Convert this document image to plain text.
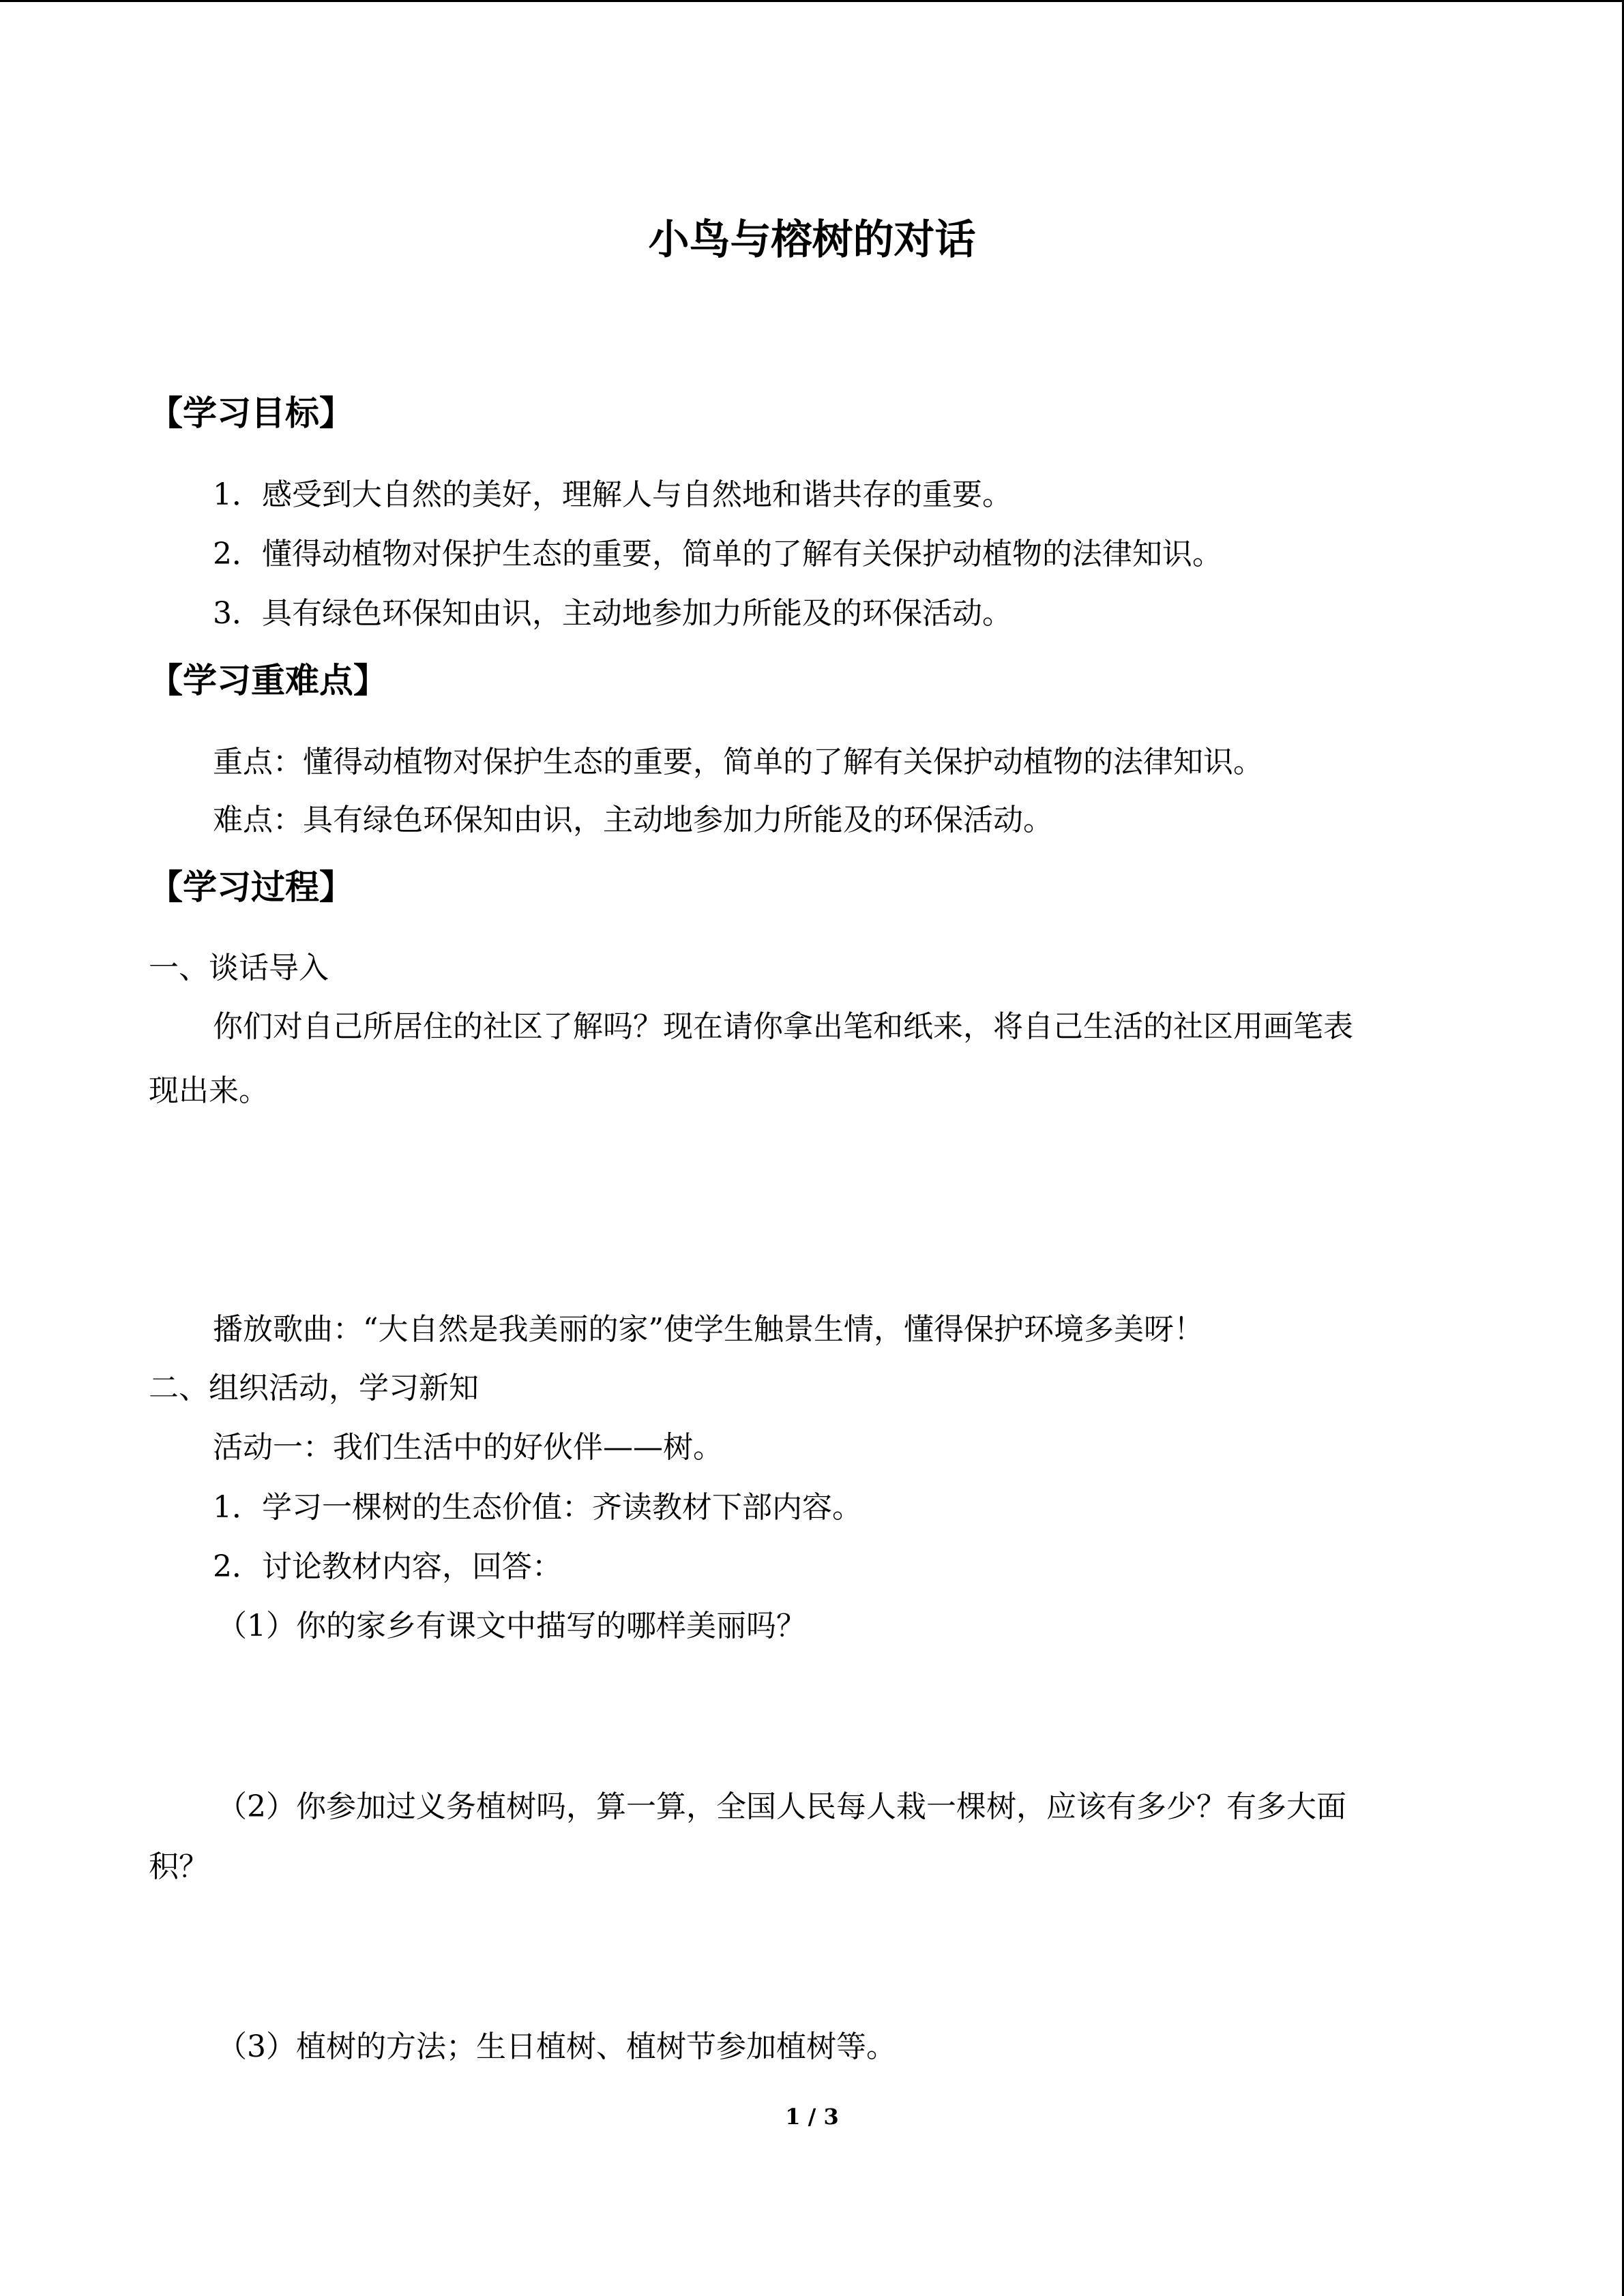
小鸟与榕树的对话
【学习目标】
1．感受到大自然的美好，理解人与自然地和谐共存的重要。
2．懂得动植物对保护生态的重要，简单的了解有关保护动植物的法律知识。
3．具有绿色环保知由识，主动地参加力所能及的环保活动。
【学习重难点】
重点：懂得动植物对保护生态的重要，简单的了解有关保护动植物的法律知识。
难点：具有绿色环保知由识，主动地参加力所能及的环保活动。
【学习过程】
一、谈话导入
你们对自己所居住的社区了解吗？现在请你拿出笔和纸来，将自己生活的社区用画笔表
现出来。
播放歌曲：“大自然是我美丽的家”使学生触景生情，懂得保护环境多美呀！
二、组织活动，学习新知
活动一：我们生活中的好伙伴——树。
1．学习一棵树的生态价值：齐读教材下部内容。
2．讨论教材内容，回答：
（1）你的家乡有课文中描写的哪样美丽吗？
（2）你参加过义务植树吗，算一算，全国人民每人栽一棵树，应该有多少？有多大面
积？
（3）植树的方法；生日植树、植树节参加植树等。
1 / 3
